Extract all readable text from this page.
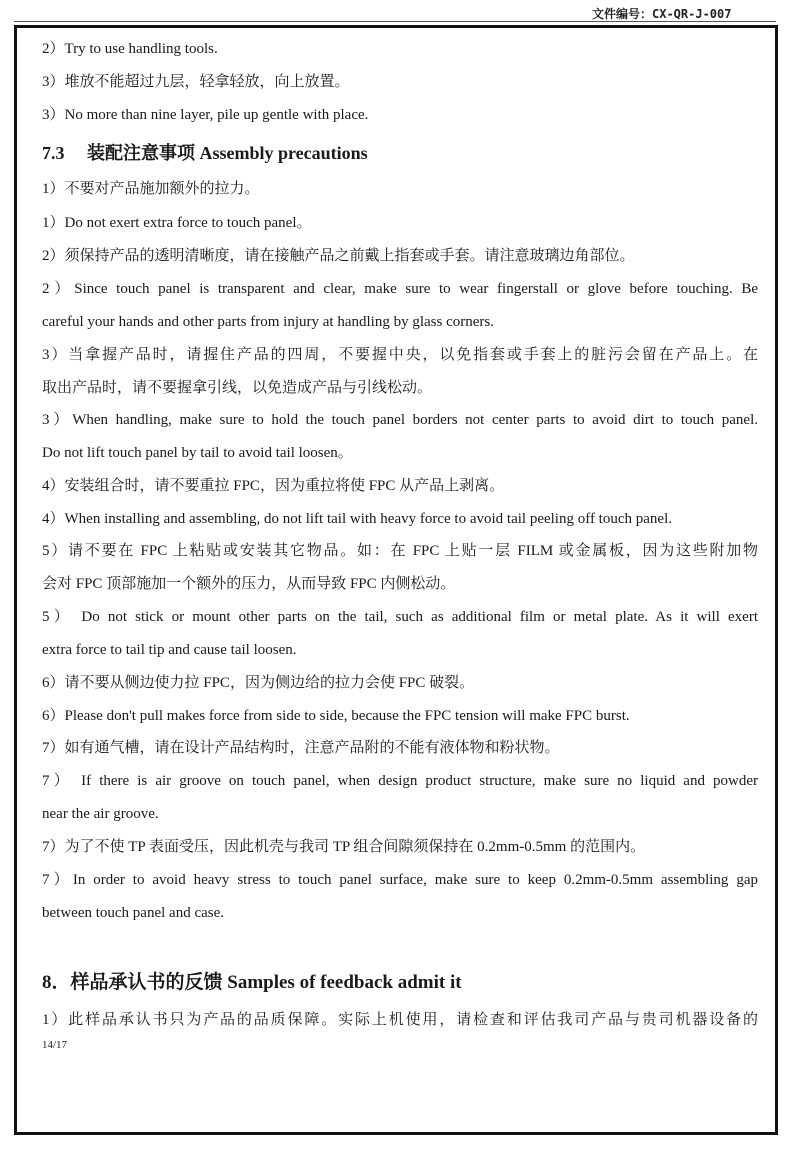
文件编号：CX-QR-J-007
2）Try to use handling tools.
3）堆放不能超过九层，轻拿轻放，向上放置。
3）No more than nine layer, pile up gentle with place.
7.3　 装配注意事项 Assembly precautions
1）不要对产品施加额外的拉力。
1）Do not exert extra force to touch panel。
2）须保持产品的透明清晰度，请在接触产品之前戴上指套或手套。请注意玻璃边角部位。
2）Since touch panel is transparent and clear, make sure to wear fingerstall or glove before touching. Be
careful your hands and other parts from injury at handling by glass corners.
3）当拿握产品时，请握住产品的四周，不要握中央，以免指套或手套上的脏污会留在产品上。在
取出产品时，请不要握拿引线，以免造成产品与引线松动。
3）When handling, make sure to hold the touch panel borders not center parts to avoid dirt to touch panel.
Do not lift touch panel by tail to avoid tail loosen。
4）安装组合时，请不要重拉 FPC，因为重拉将使 FPC 从产品上剥离。
4）When installing and assembling, do not lift tail with heavy force to avoid tail peeling off touch panel.
5）请不要在 FPC 上粘贴或安装其它物品。如：在 FPC 上贴一层 FILM 或金属板，因为这些附加物
会对 FPC 顶部施加一个额外的压力，从而导致 FPC 内侧松动。
5） Do not stick or mount other parts on the tail, such as additional film or metal plate. As it will exert
extra force to tail tip and cause tail loosen.
6）请不要从侧边使力拉 FPC，因为侧边给的拉力会使 FPC 破裂。
6）Please don't pull makes force from side to side, because the FPC tension will make FPC burst.
7）如有通气槽，请在设计产品结构时，注意产品附的不能有液体物和粉状物。
7） If there is air groove on touch panel, when design product structure, make sure no liquid and powder
near the air groove.
7）为了不使 TP 表面受压，因此机壳与我司 TP 组合间隙须保持在 0.2mm-0.5mm 的范围内。
7）In order to avoid heavy stress to touch panel surface, make sure to keep 0.2mm-0.5mm assembling gap
between touch panel and case.
8．样品承认书的反馈 Samples of feedback admit it
1）此样品承认书只为产品的品质保障。实际上机使用，请检查和评估我司产品与贵司机器设备的
14/17
